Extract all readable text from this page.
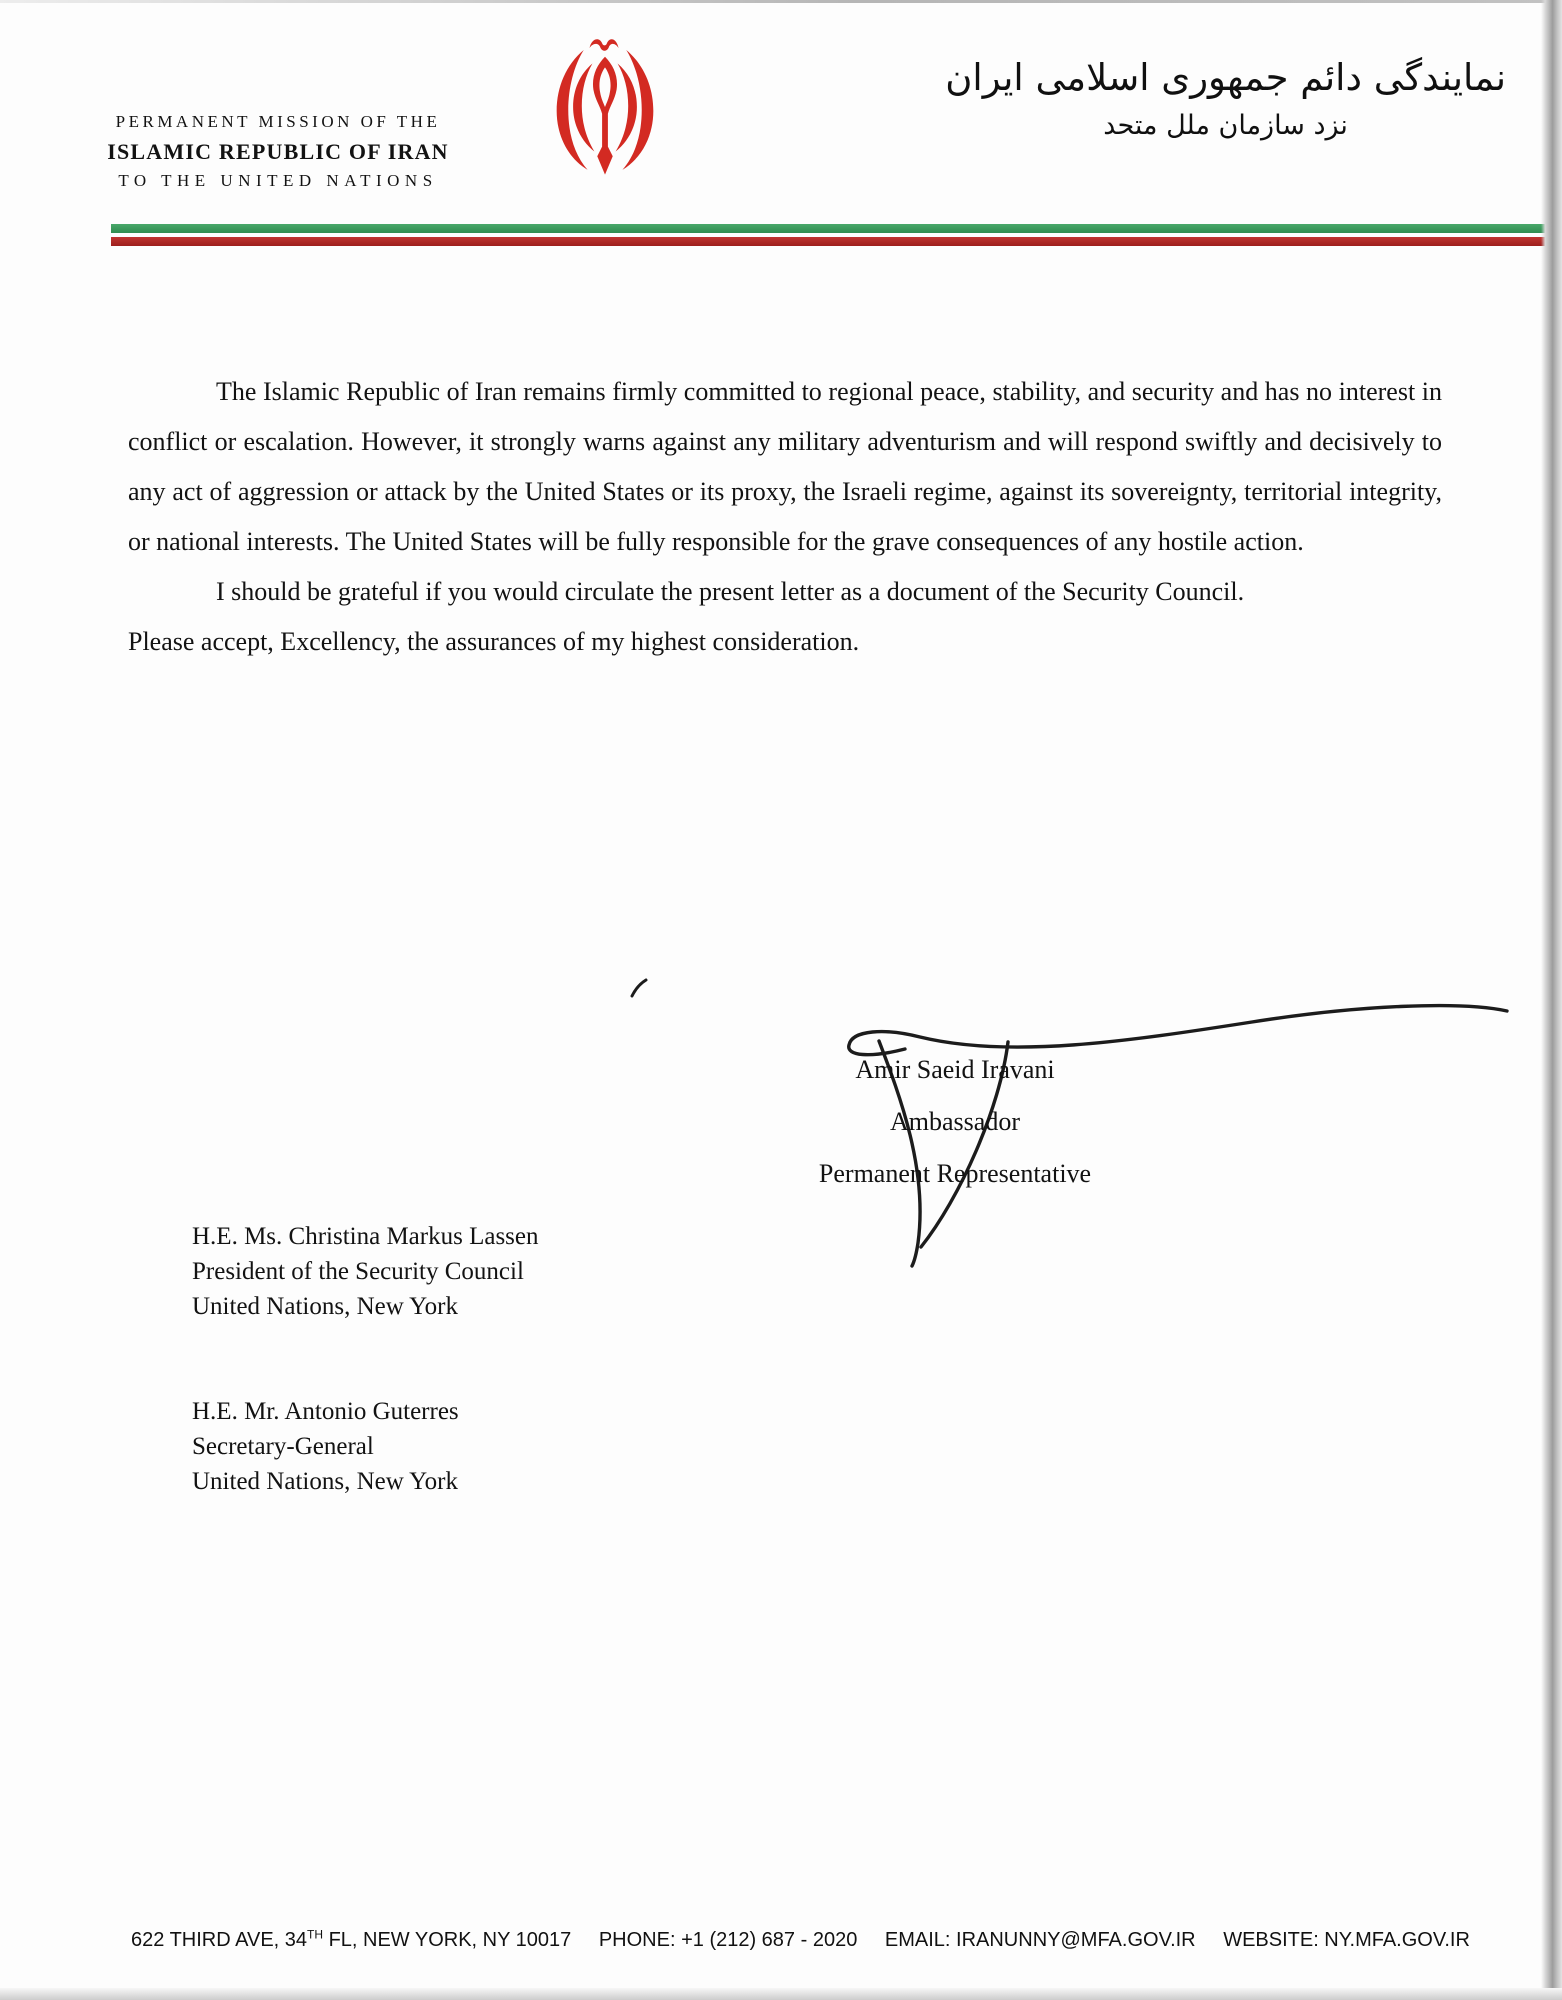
PERMANENT MISSION OF THE
ISLAMIC REPUBLIC OF IRAN
TO THE UNITED NATIONS
نمایندگی دائم جمهوری اسلامی ایران
نزد سازمان ملل متحد

The Islamic Republic of Iran remains firmly committed to regional peace, stability, and security and has no interest in conflict or escalation. However, it strongly warns against any military adventurism and will respond swiftly and decisively to any act of aggression or attack by the United States or its proxy, the Israeli regime, against its sovereignty, territorial integrity, or national interests. The United States will be fully responsible for the grave consequences of any hostile action.

I should be grateful if you would circulate the present letter as a document of the Security Council.

Please accept, Excellency, the assurances of my highest consideration.

Amir Saeid Iravani
Ambassador
Permanent Representative
H.E. Ms. Christina Markus Lassen
President of the Security Council
United Nations, New York
H.E. Mr. Antonio Guterres
Secretary-General
United Nations, New York
622 THIRD AVE, 34TH FL, NEW YORK, NY 10017 PHONE: +1 (212) 687 - 2020 EMAIL: IRANUNNY@MFA.GOV.IR WEBSITE: NY.MFA.GOV.IR
